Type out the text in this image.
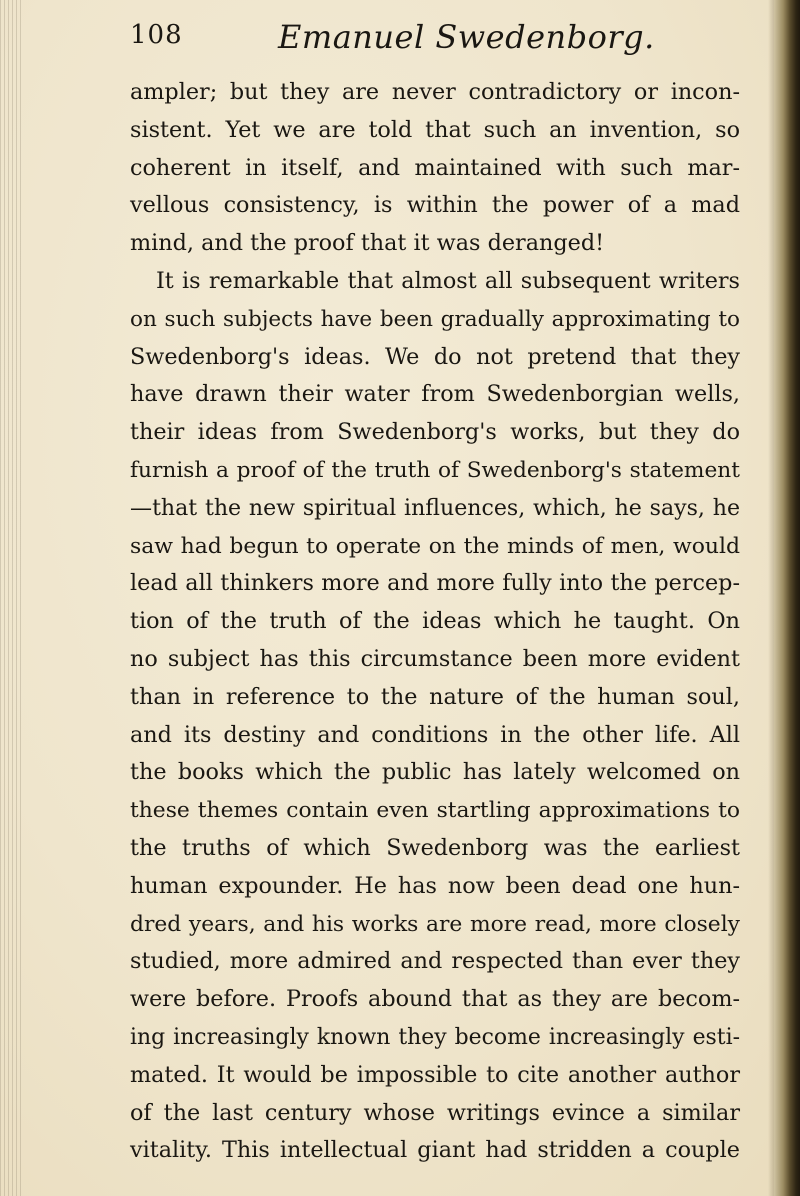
108	Emanuel Swedenborg.
ampler; but they are never contradictory or incon-
sistent. Yet we are told that such an invention, so
coherent in itself, and maintained with such mar-
vellous consistency, is within the power of a mad
mind, and the proof that it was deranged!
It is remarkable that almost all subsequent writers
on such subjects have been gradually approximating to
Swedenborg's ideas. We do not pretend that they
have drawn their water from Swedenborgian wells,
their ideas from Swedenborg's works, but they do
furnish a proof of the truth of Swedenborg's statement
—that the new spiritual influences, which, he says, he
saw had begun to operate on the minds of men, would
lead all thinkers more and more fully into the percep-
tion of the truth of the ideas which he taught. On
no subject has this circumstance been more evident
than in reference to the nature of the human soul,
and its destiny and conditions in the other life. All
the books which the public has lately welcomed on
these themes contain even startling approximations to
the truths of which Swedenborg was the earliest
human expounder. He has now been dead one hun-
dred years, and his works are more read, more closely
studied, more admired and respected than ever they
were before. Proofs abound that as they are becom-
ing increasingly known they become increasingly esti-
mated. It would be impossible to cite another author
of the last century whose writings evince a similar
vitality. This intellectual giant had stridden a couple
